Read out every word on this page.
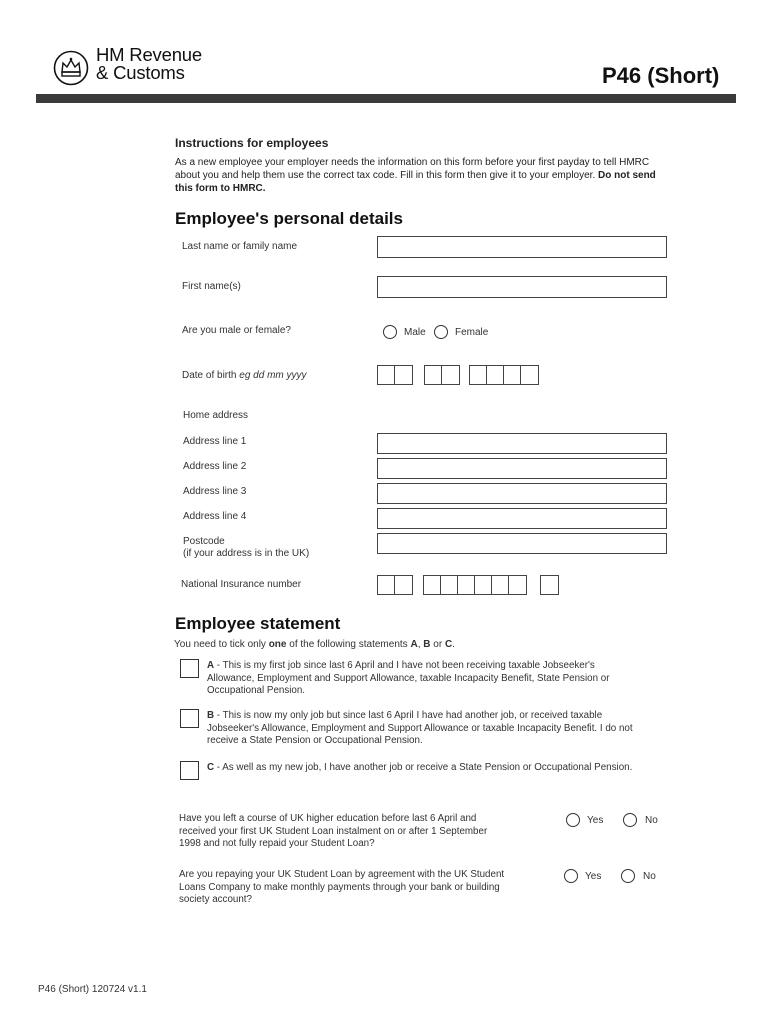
HM Revenue
& Customs	P46 (Short)
Instructions for employees
As a new employee your employer needs the information on this form before your first payday to tell HMRC about you and help them use the correct tax code. Fill in this form then give it to your employer. Do not send this form to HMRC.
Employee's personal details
Last name or family name
First name(s)
Are you male or female?	Male	Female
Date of birth eg dd mm yyyy
Home address
Address line 1
Address line 2
Address line 3
Address line 4
Postcode
(if your address is in the UK)
National Insurance number
Employee statement
You need to tick only one of the following statements A, B or C.
A - This is my first job since last 6 April and I have not been receiving taxable Jobseeker's Allowance, Employment and Support Allowance, taxable Incapacity Benefit, State Pension or Occupational Pension.
B - This is now my only job but since last 6 April I have had another job, or received taxable Jobseeker's Allowance, Employment and Support Allowance or taxable Incapacity Benefit. I do not receive a State Pension or Occupational Pension.
C - As well as my new job, I have another job or receive a State Pension or Occupational Pension.
Have you left a course of UK higher education before last 6 April and received your first UK Student Loan instalment on or after 1 September 1998 and not fully repaid your Student Loan?
Yes	No
Are you repaying your UK Student Loan by agreement with the UK Student Loans Company to make monthly payments through your bank or building society account?
Yes	No
P46 (Short) 120724 v1.1
